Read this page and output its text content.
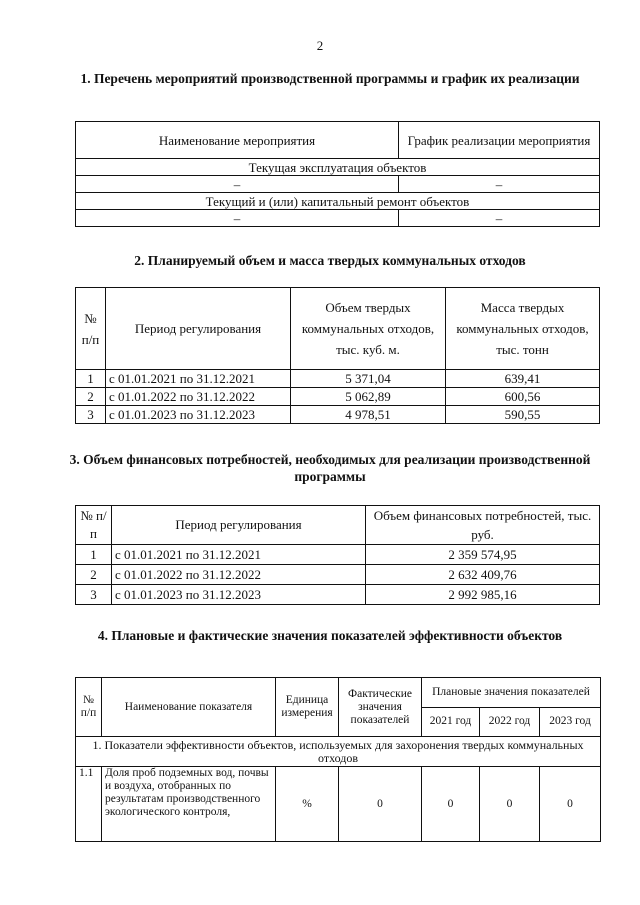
2
1. Перечень мероприятий производственной программы и график их реализации
Наименование мероприятия	График реализации мероприятия
Текущая эксплуатация объектов	
–	–
Текущий и (или) капитальный ремонт объектов	
–	–
2. Планируемый объем и масса твердых коммунальных отходов
№ п/п	Период регулирования	Объем твердых коммунальных отходов, тыс. куб. м.	Масса твердых коммунальных отходов, тыс. тонн
1	с 01.01.2021 по 31.12.2021	5 371,04	639,41
2	с 01.01.2022 по 31.12.2022	5 062,89	600,56
3	с 01.01.2023 по 31.12.2023	4 978,51	590,55
3. Объем финансовых потребностей, необходимых для реализации производственной программы
№ п/п	Период регулирования	Объем финансовых потребностей, тыс. руб.
1	с 01.01.2021 по 31.12.2021	2 359 574,95
2	с 01.01.2022 по 31.12.2022	2 632 409,76
3	с 01.01.2023 по 31.12.2023	2 992 985,16
4. Плановые и фактические значения показателей эффективности объектов
№ п/п	Наименование показателя	Единица измерения	Фактические значения показателей	Плановые значения показателей		
				2021 год	2022 год	2023 год
1. Показатели эффективности объектов, используемых для захоронения твердых коммунальных отходов						
1.1	Доля проб подземных вод, почвы и воздуха, отобранных по результатам производственного экологического контроля,	%	0	0	0	0
